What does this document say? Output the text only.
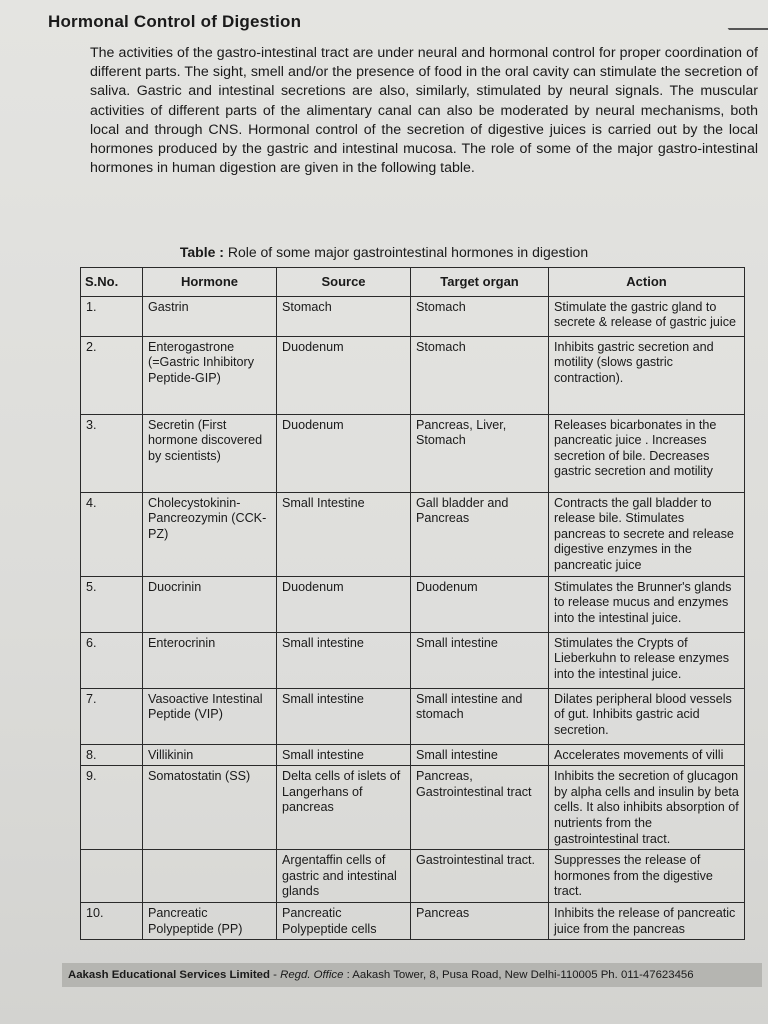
Hormonal Control of Digestion

The activities of the gastro-intestinal tract are under neural and hormonal control for proper coordination of different parts. The sight, smell and/or the presence of food in the oral cavity can stimulate the secretion of saliva. Gastric and intestinal secretions are also, similarly, stimulated by neural signals. The muscular activities of different parts of the alimentary canal can also be moderated by neural mechanisms, both local and through CNS. Hormonal control of the secretion of digestive juices is carried out by the local hormones produced by the gastric and intestinal mucosa. The role of some of the major gastro-intestinal hormones in human digestion are given in the following table.

Table : Role of some major gastrointestinal hormones in digestion
S.No.	Hormone	Source	Target organ	Action
1.	Gastrin	Stomach	Stomach	Stimulate the gastric gland to secrete & release of gastric juice
2.	Enterogastrone (=Gastric Inhibitory Peptide-GIP)	Duodenum	Stomach	Inhibits gastric secretion and motility (slows gastric contraction).
3.	Secretin (First hormone discovered by scientists)	Duodenum	Pancreas, Liver, Stomach	Releases bicarbonates in the pancreatic juice . Increases secretion of bile. Decreases gastric secretion and motility
4.	Cholecystokinin-Pancreozymin (CCK-PZ)	Small Intestine	Gall bladder and Pancreas	Contracts the gall bladder to release bile. Stimulates pancreas to secrete and release digestive enzymes in the pancreatic juice
5.	Duocrinin	Duodenum	Duodenum	Stimulates the Brunner's glands to release mucus and enzymes into the intestinal juice.
6.	Enterocrinin	Small intestine	Small intestine	Stimulates the Crypts of Lieberkuhn to release enzymes into the intestinal juice.
7.	Vasoactive Intestinal Peptide (VIP)	Small intestine	Small intestine and stomach	Dilates peripheral blood vessels of gut. Inhibits gastric acid secretion.
8.	Villikinin	Small intestine	Small intestine	Accelerates movements of villi
9.	Somatostatin (SS)	Delta cells of islets of Langerhans of pancreas	Pancreas, Gastrointestinal tract	Inhibits the secretion of glucagon by alpha cells and insulin by beta cells. It also inhibits absorption of nutrients from the gastrointestinal tract.
		Argentaffin cells of gastric and intestinal glands	Gastrointestinal tract.	Suppresses the release of hormones from the digestive tract.
10.	Pancreatic Polypeptide (PP)	Pancreatic Polypeptide cells	Pancreas	Inhibits the release of pancreatic juice from the pancreas
Aakash Educational Services Limited - Regd. Office : Aakash Tower, 8, Pusa Road, New Delhi-110005 Ph. 011-47623456
